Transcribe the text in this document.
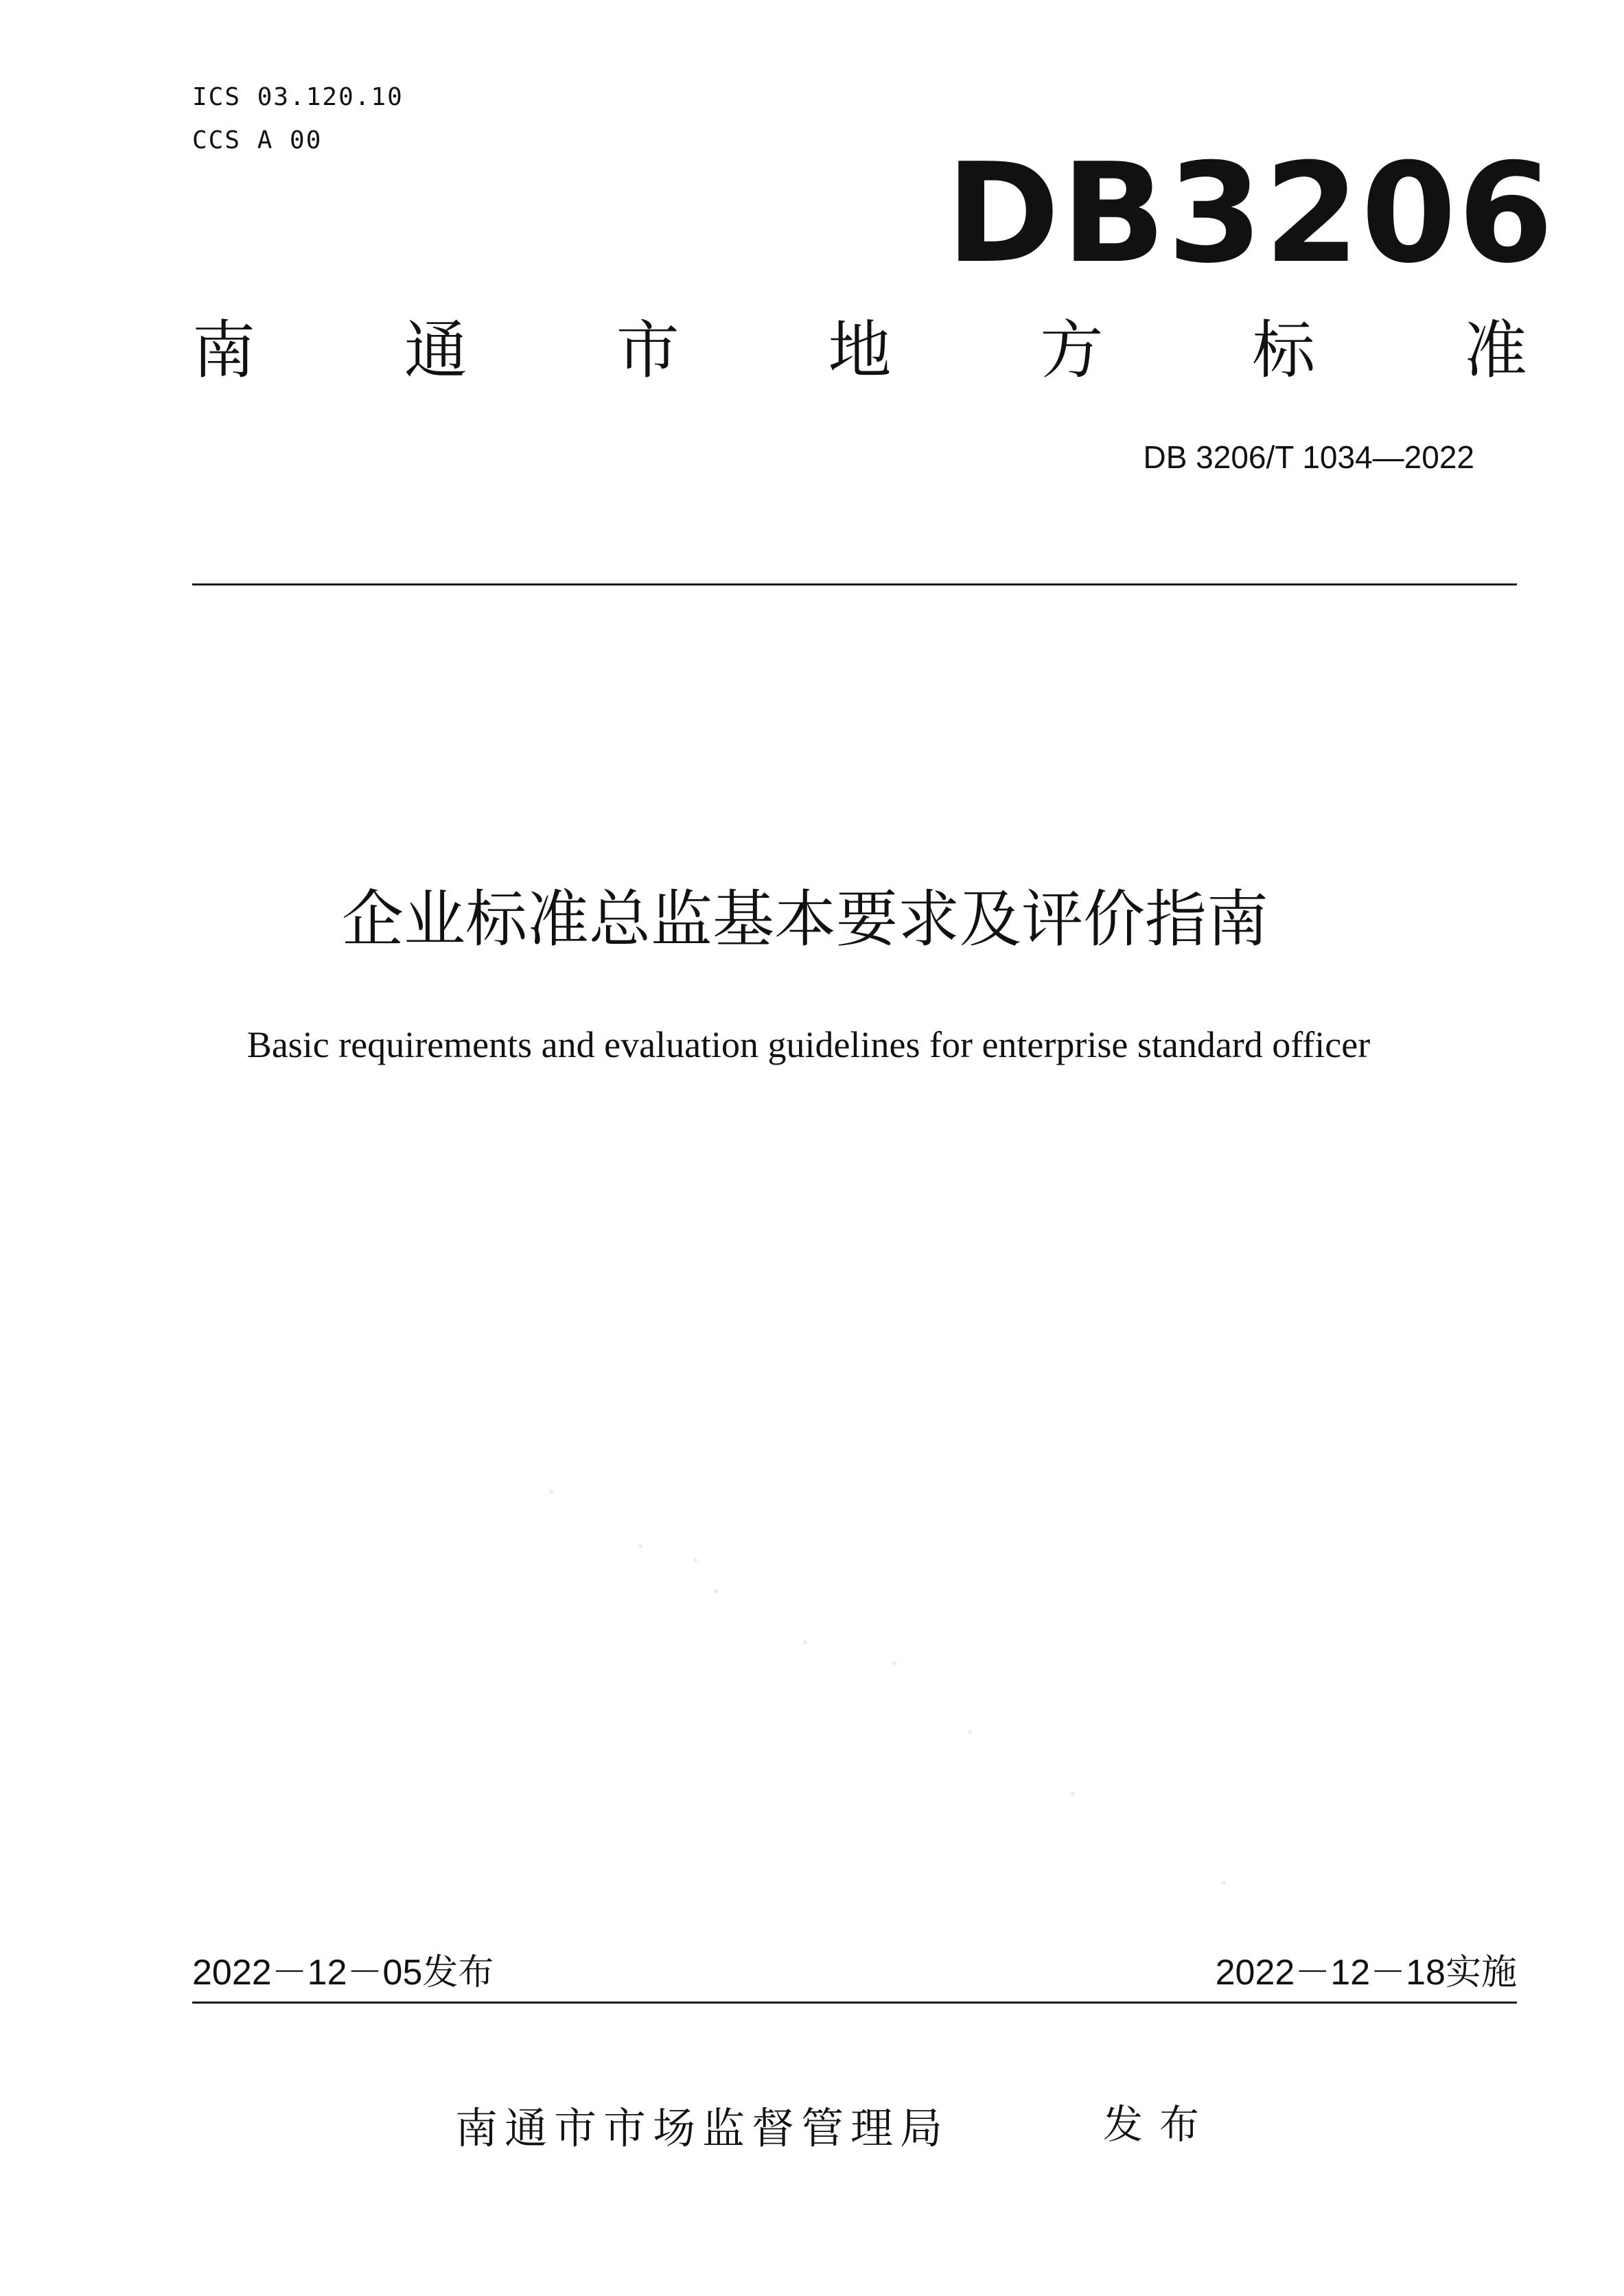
ICS 03.120.10
CCS A 00	DB3206
南 通 市 地 方 标 准
DB 3206/T 1034—2022
企业标准总监基本要求及评价指南
Basic requirements and evaluation guidelines for enterprise standard officer
2022－12－05发布	2022－12－18实施
南通市市场监督管理局	发布
